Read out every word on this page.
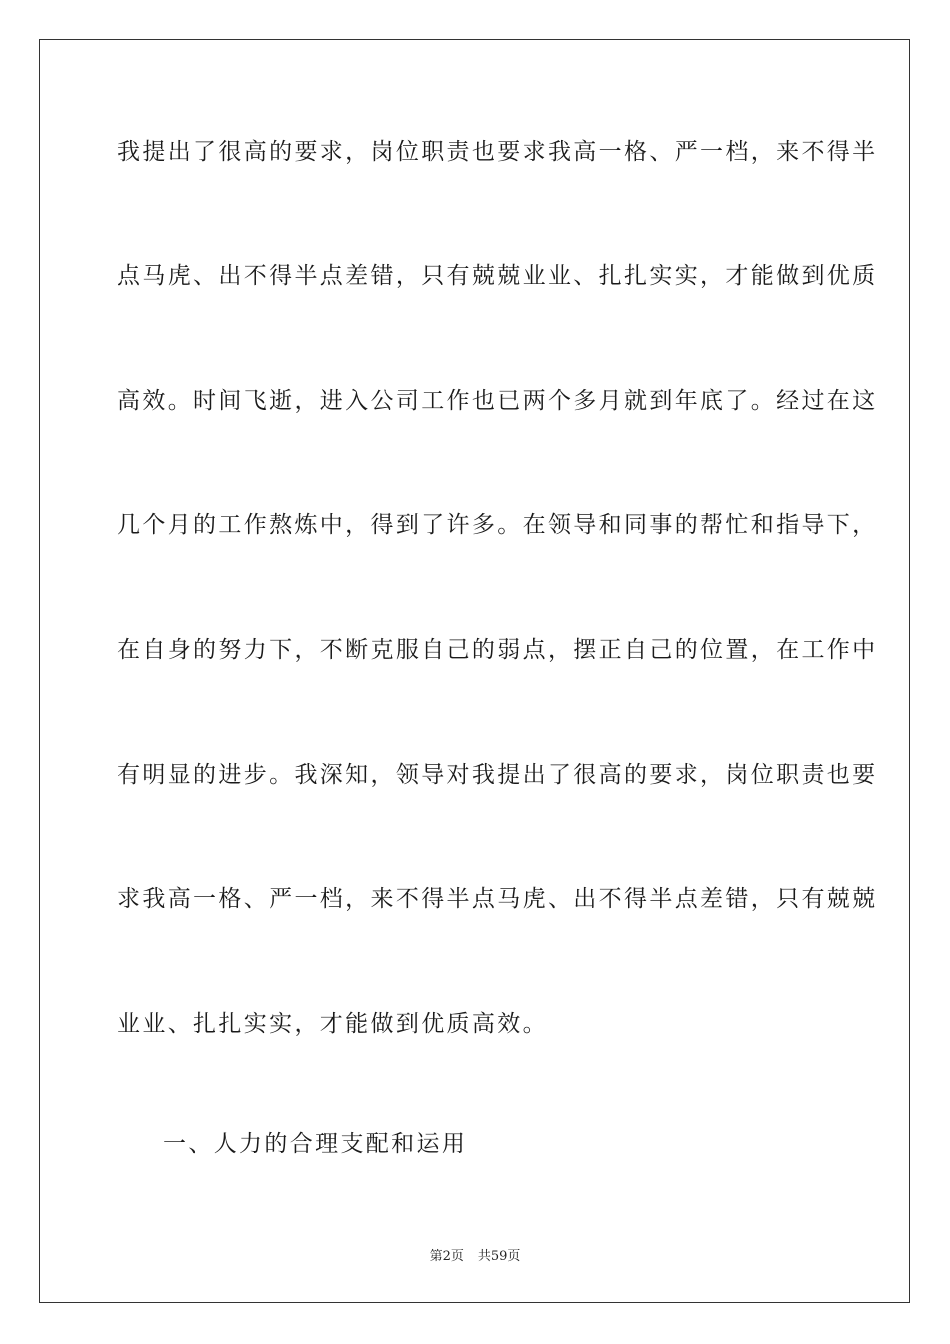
我提出了很高的要求，岗位职责也要求我高一格、严一档，来不得半
点马虎、出不得半点差错，只有兢兢业业、扎扎实实，才能做到优质
高效。时间飞逝，进入公司工作也已两个多月就到年底了。经过在这
几个月的工作熬炼中，得到了许多。在领导和同事的帮忙和指导下，
在自身的努力下，不断克服自己的弱点，摆正自己的位置，在工作中
有明显的进步。我深知，领导对我提出了很高的要求，岗位职责也要
求我高一格、严一档，来不得半点马虎、出不得半点差错，只有兢兢
业业、扎扎实实，才能做到优质高效。
一、人力的合理支配和运用
第2页 共59页
